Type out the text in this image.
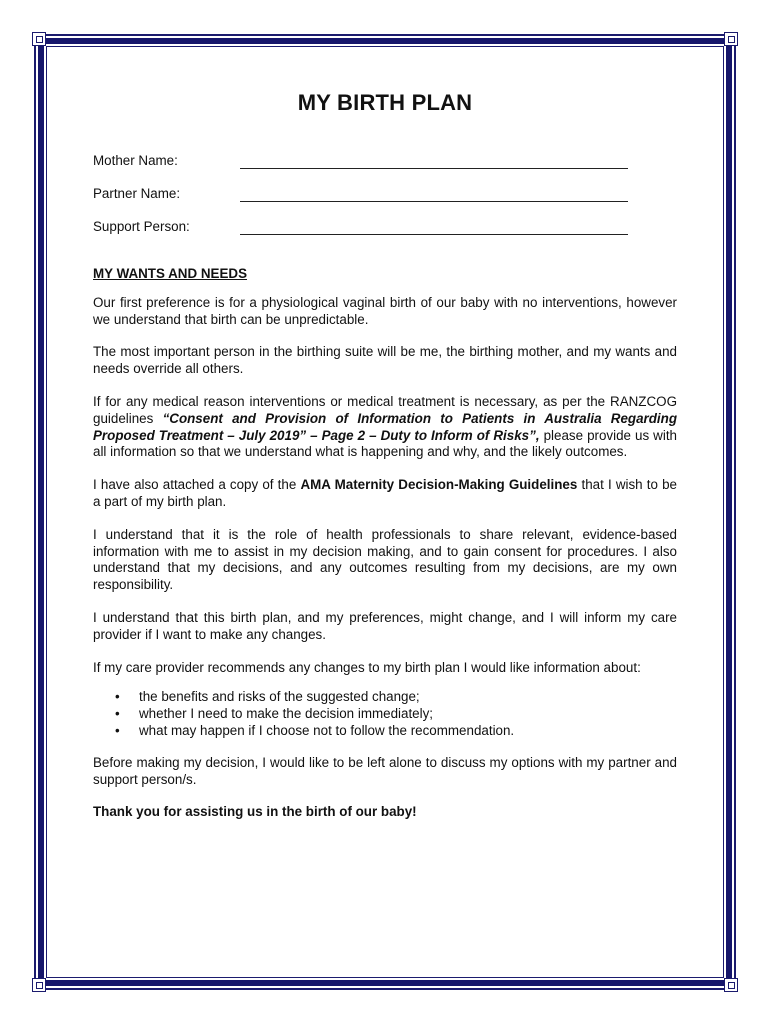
MY BIRTH PLAN
Mother Name:
Partner Name:
Support Person:
MY WANTS AND NEEDS

Our first preference is for a physiological vaginal birth of our baby with no interventions, however we understand that birth can be unpredictable.

The most important person in the birthing suite will be me, the birthing mother, and my wants and needs override all others.

If for any medical reason interventions or medical treatment is necessary, as per the RANZCOG guidelines “Consent and Provision of Information to Patients in Australia Regarding Proposed Treatment – July 2019” – Page 2 – Duty to Inform of Risks”, please provide us with all information so that we understand what is happening and why, and the likely outcomes.

I have also attached a copy of the AMA Maternity Decision-Making Guidelines that I wish to be a part of my birth plan.

I understand that it is the role of health professionals to share relevant, evidence-based information with me to assist in my decision making, and to gain consent for procedures. I also understand that my decisions, and any outcomes resulting from my decisions, are my own responsibility.

I understand that this birth plan, and my preferences, might change, and I will inform my care provider if I want to make any changes.

If my care provider recommends any changes to my birth plan I would like information about:

• the benefits and risks of the suggested change;
• whether I need to make the decision immediately;
• what may happen if I choose not to follow the recommendation.

Before making my decision, I would like to be left alone to discuss my options with my partner and support person/s.

Thank you for assisting us in the birth of our baby!
